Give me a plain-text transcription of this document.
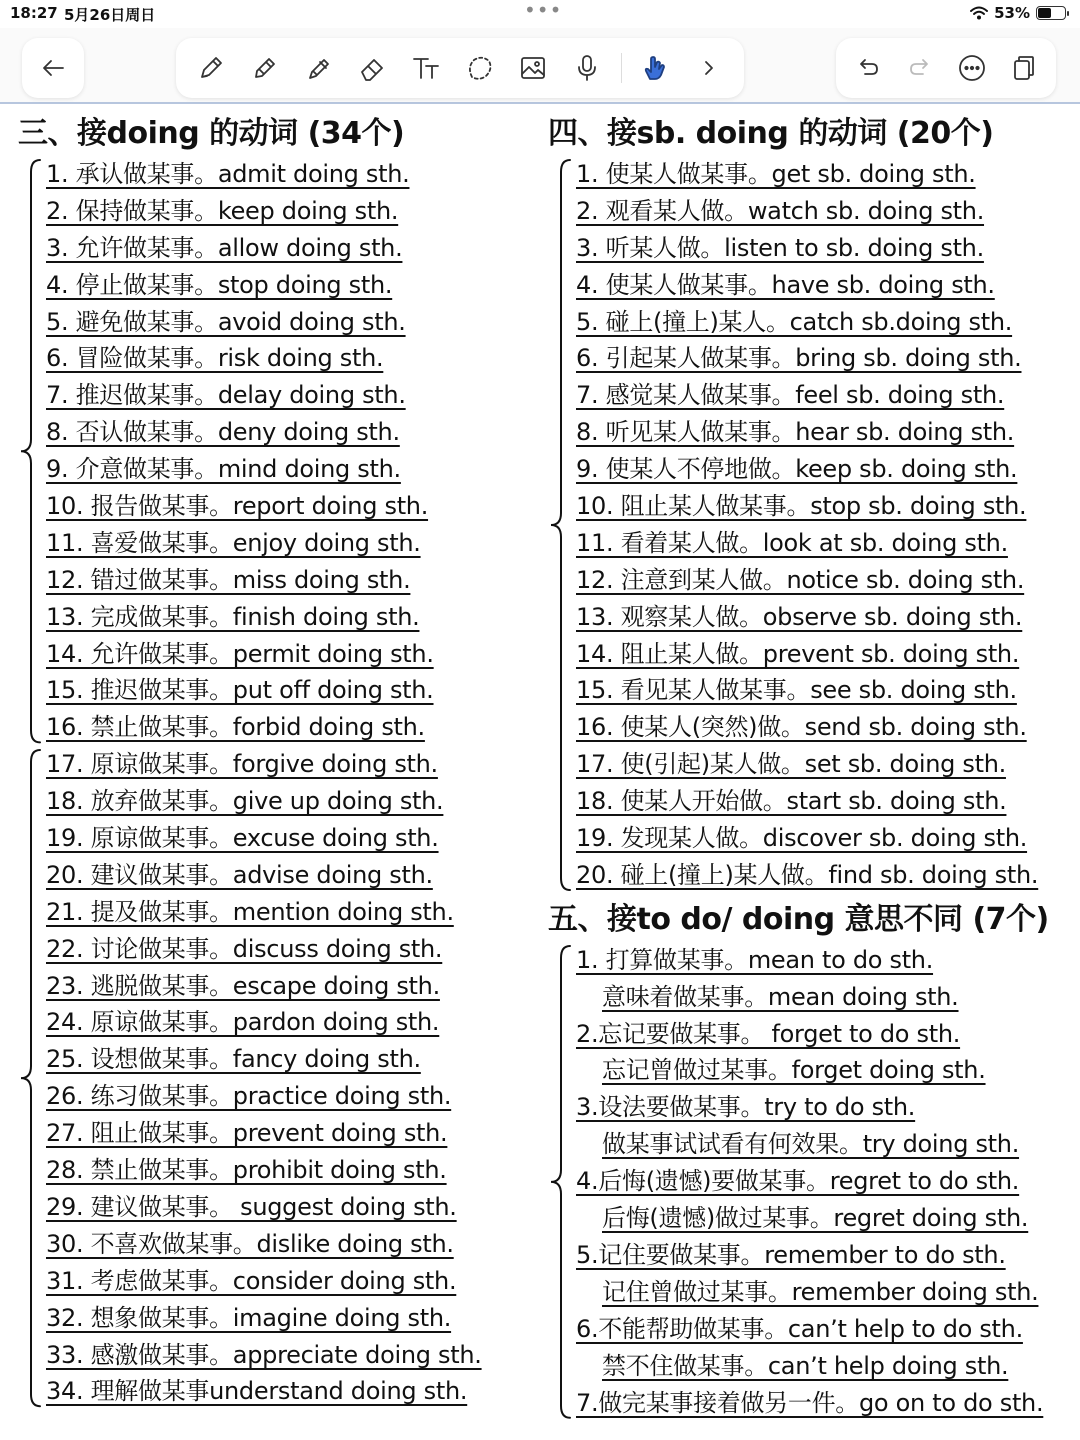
18:27 5月26日周日	•••	53%
三、接doing 的动词 (34个)
1. 承认做某事。admit doing sth.
2. 保持做某事。keep doing sth.
3. 允许做某事。allow doing sth.
4. 停止做某事。stop doing sth.
5. 避免做某事。avoid doing sth.
6. 冒险做某事。risk doing sth.
7. 推迟做某事。delay doing sth.
8. 否认做某事。deny doing sth.
9. 介意做某事。mind doing sth.
10. 报告做某事。report doing sth.
11. 喜爱做某事。enjoy doing sth.
12. 错过做某事。miss doing sth.
13. 完成做某事。finish doing sth.
14. 允许做某事。permit doing sth.
15. 推迟做某事。put off doing sth.
16. 禁止做某事。forbid doing sth.
17. 原谅做某事。forgive doing sth.
18. 放弃做某事。give up doing sth.
19. 原谅做某事。excuse doing sth.
20. 建议做某事。advise doing sth.
21. 提及做某事。mention doing sth.
22. 讨论做某事。discuss doing sth.
23. 逃脱做某事。escape doing sth.
24. 原谅做某事。pardon doing sth.
25. 设想做某事。fancy doing sth.
26. 练习做某事。practice doing sth.
27. 阻止做某事。prevent doing sth.
28. 禁止做某事。prohibit doing sth.
29. 建议做某事。 suggest doing sth.
30. 不喜欢做某事。dislike doing sth.
31. 考虑做某事。consider doing sth.
32. 想象做某事。imagine doing sth.
33. 感激做某事。appreciate doing sth.
34. 理解做某事understand doing sth.
四、接sb. doing 的动词 (20个)
1. 使某人做某事。get sb. doing sth.
2. 观看某人做。watch sb. doing sth.
3. 听某人做。listen to sb. doing sth.
4. 使某人做某事。have sb. doing sth.
5. 碰上(撞上)某人。catch sb.doing sth.
6. 引起某人做某事。bring sb. doing sth.
7. 感觉某人做某事。feel sb. doing sth.
8. 听见某人做某事。hear sb. doing sth.
9. 使某人不停地做。keep sb. doing sth.
10. 阻止某人做某事。stop sb. doing sth.
11. 看着某人做。look at sb. doing sth.
12. 注意到某人做。notice sb. doing sth.
13. 观察某人做。observe sb. doing sth.
14. 阻止某人做。prevent sb. doing sth.
15. 看见某人做某事。see sb. doing sth.
16. 使某人(突然)做。send sb. doing sth.
17. 使(引起)某人做。set sb. doing sth.
18. 使某人开始做。start sb. doing sth.
19. 发现某人做。discover sb. doing sth.
20. 碰上(撞上)某人做。find sb. doing sth.
五、接to do/ doing 意思不同 (7个)
1. 打算做某事。mean to do sth.
意味着做某事。mean doing sth.
2.忘记要做某事。 forget to do sth.
忘记曾做过某事。forget doing sth.
3.设法要做某事。try to do sth.
做某事试试看有何效果。try doing sth.
4.后悔(遗憾)要做某事。regret to do sth.
后悔(遗憾)做过某事。regret doing sth.
5.记住要做某事。remember to do sth.
记住曾做过某事。remember doing sth.
6.不能帮助做某事。can’t help to do sth.
禁不住做某事。can’t help doing sth.
7.做完某事接着做另一件。go on to do sth.
